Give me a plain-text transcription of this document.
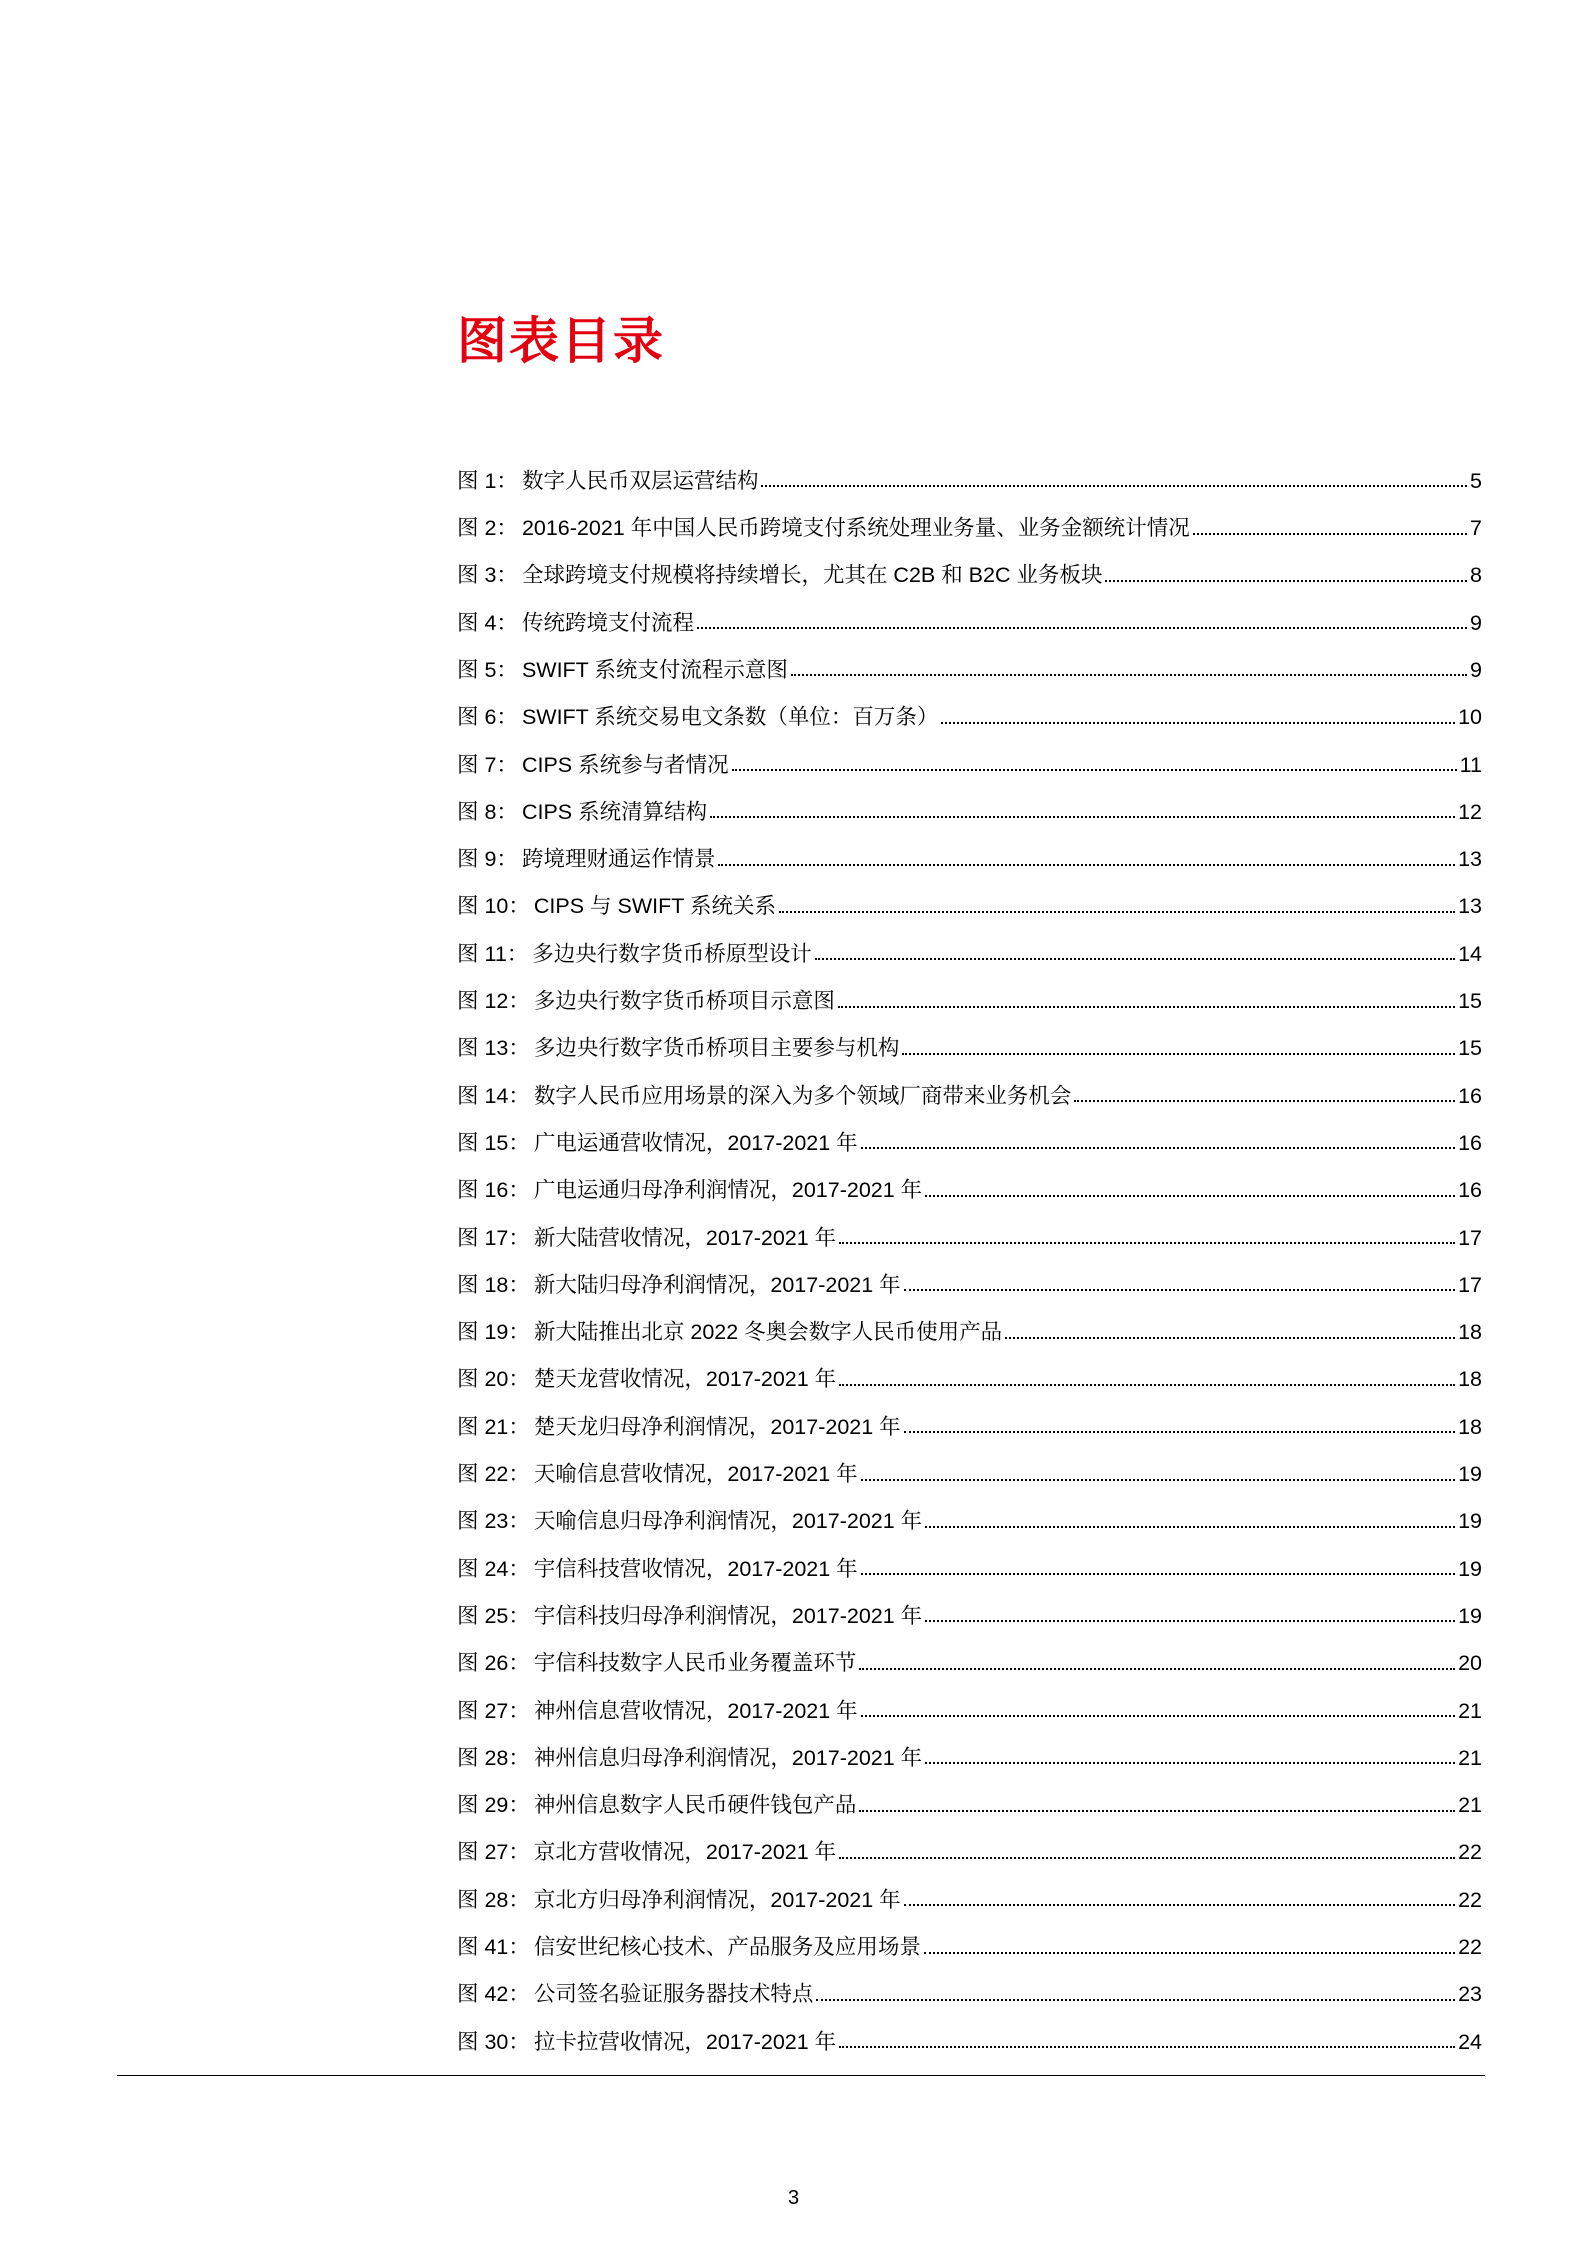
图表目录
图 1： 数字人民币双层运营结构	5
图 2： 2016-2021 年中国人民币跨境支付系统处理业务量、业务金额统计情况	7
图 3： 全球跨境支付规模将持续增长，尤其在 C2B 和 B2C 业务板块	8
图 4： 传统跨境支付流程	9
图 5： SWIFT 系统支付流程示意图	9
图 6： SWIFT 系统交易电文条数（单位：百万条）	10
图 7： CIPS 系统参与者情况	11
图 8： CIPS 系统清算结构	12
图 9： 跨境理财通运作情景	13
图 10： CIPS 与 SWIFT 系统关系	13
图 11： 多边央行数字货币桥原型设计	14
图 12： 多边央行数字货币桥项目示意图	15
图 13： 多边央行数字货币桥项目主要参与机构	15
图 14： 数字人民币应用场景的深入为多个领域厂商带来业务机会	16
图 15： 广电运通营收情况，2017-2021 年	16
图 16： 广电运通归母净利润情况，2017-2021 年	16
图 17： 新大陆营收情况，2017-2021 年	17
图 18： 新大陆归母净利润情况，2017-2021 年	17
图 19： 新大陆推出北京 2022 冬奥会数字人民币使用产品	18
图 20： 楚天龙营收情况，2017-2021 年	18
图 21： 楚天龙归母净利润情况，2017-2021 年	18
图 22： 天喻信息营收情况，2017-2021 年	19
图 23： 天喻信息归母净利润情况，2017-2021 年	19
图 24： 宇信科技营收情况，2017-2021 年	19
图 25： 宇信科技归母净利润情况，2017-2021 年	19
图 26： 宇信科技数字人民币业务覆盖环节	20
图 27： 神州信息营收情况，2017-2021 年	21
图 28： 神州信息归母净利润情况，2017-2021 年	21
图 29： 神州信息数字人民币硬件钱包产品	21
图 27： 京北方营收情况，2017-2021 年	22
图 28： 京北方归母净利润情况，2017-2021 年	22
图 41： 信安世纪核心技术、产品服务及应用场景	22
图 42： 公司签名验证服务器技术特点	23
图 30： 拉卡拉营收情况，2017-2021 年	24
3
